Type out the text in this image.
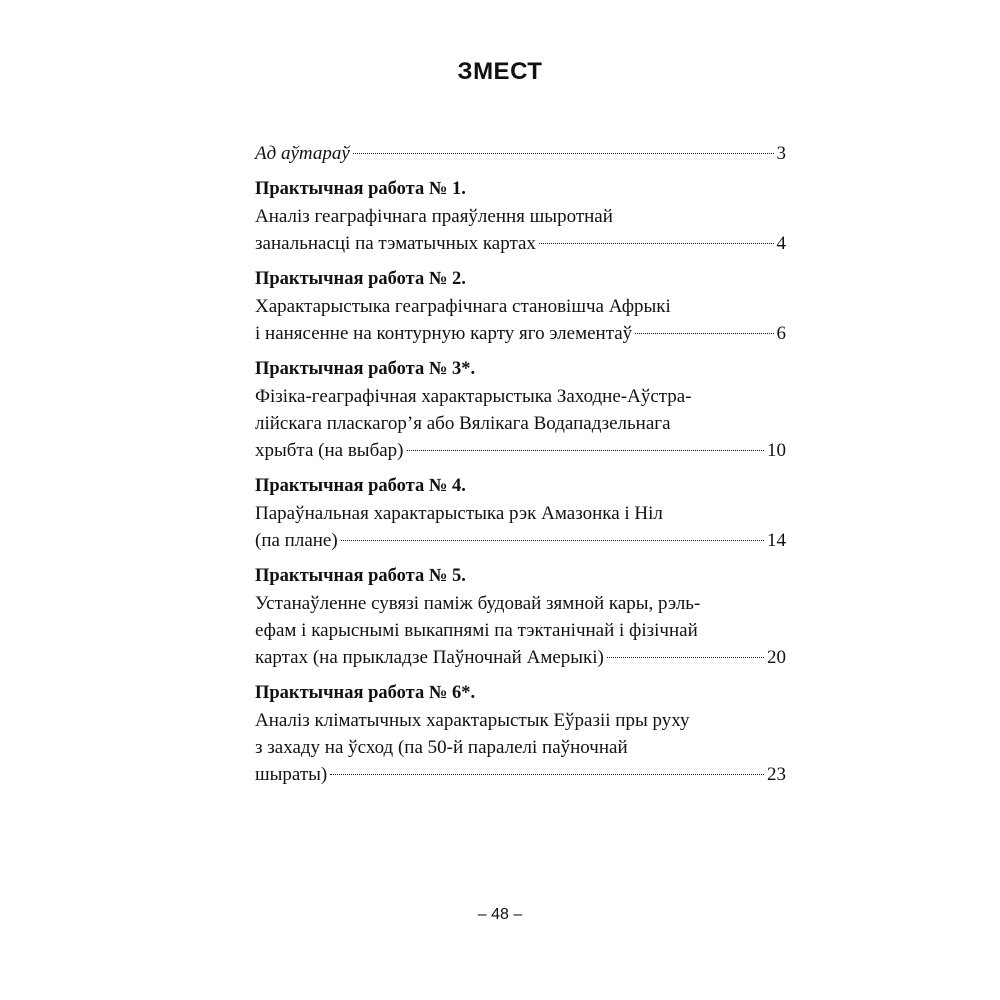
ЗМЕСТ
Ад аўтараў	3
Практычная работа № 1.
Аналіз геаграфічнага праяўлення шыротнай
занальнасці па тэматычных картах	4
Практычная работа № 2.
Характарыстыка геаграфічнага становішча Афрыкі
і нанясенне на контурную карту яго элементаў	6
Практычная работа № 3*.
Фізіка-геаграфічная характарыстыка Заходне-Аўстра-
лійскага пласкагор’я або Вялікага Водападзельнага
хрыбта (на выбар)	10
Практычная работа № 4.
Параўнальная характарыстыка рэк Амазонка і Ніл
(па плане)	14
Практычная работа № 5.
Устанаўленне сувязі паміж будовай зямной кары, рэль-
ефам і карыснымі выкапнямі па тэктанічнай і фізічнай
картах (на прыкладзе Паўночнай Амерыкі)	20
Практычная работа № 6*.
Аналіз кліматычных характарыстык Еўразіі пры руху
з захаду на ўсход (па 50-й паралелі паўночнай
шыраты)	23
– 48 –
